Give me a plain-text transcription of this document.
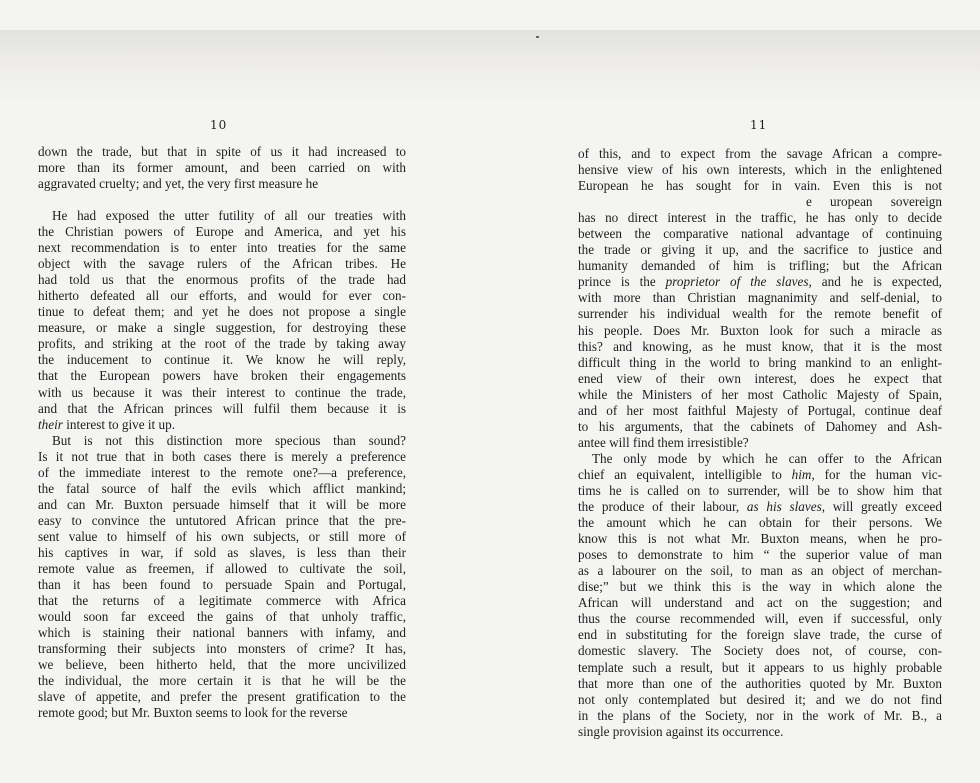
10
down the trade, but that in spite of us it had increased to
more than its former amount, and been carried on with
aggravated cruelty; and yet, the very first measure he
He had exposed the utter futility of all our treaties with
the Christian powers of Europe and America, and yet his
next recommendation is to enter into treaties for the same
object with the savage rulers of the African tribes. He
had told us that the enormous profits of the trade had
hitherto defeated all our efforts, and would for ever con-
tinue to defeat them; and yet he does not propose a single
measure, or make a single suggestion, for destroying these
profits, and striking at the root of the trade by taking away
the inducement to continue it. We know he will reply,
that the European powers have broken their engagements
with us because it was their interest to continue the trade,
and that the African princes will fulfil them because it is
their interest to give it up.
But is not this distinction more specious than sound?
Is it not true that in both cases there is merely a preference
of the immediate interest to the remote one?—a preference,
the fatal source of half the evils which afflict mankind;
and can Mr. Buxton persuade himself that it will be more
easy to convince the untutored African prince that the pre-
sent value to himself of his own subjects, or still more of
his captives in war, if sold as slaves, is less than their
remote value as freemen, if allowed to cultivate the soil,
than it has been found to persuade Spain and Portugal,
that the returns of a legitimate commerce with Africa
would soon far exceed the gains of that unholy traffic,
which is staining their national banners with infamy, and
transforming their subjects into monsters of crime? It has,
we believe, been hitherto held, that the more uncivilized
the individual, the more certain it is that he will be the
slave of appetite, and prefer the present gratification to the
remote good; but Mr. Buxton seems to look for the reverse
11
of this, and to expect from the savage African a compre-
hensive view of his own interests, which in the enlightened
European he has sought for in vain. Even this is not
e uropean sovereign
has no direct interest in the traffic, he has only to decide
between the comparative national advantage of continuing
the trade or giving it up, and the sacrifice to justice and
humanity demanded of him is trifling; but the African
prince is the proprietor of the slaves, and he is expected,
with more than Christian magnanimity and self-denial, to
surrender his individual wealth for the remote benefit of
his people. Does Mr. Buxton look for such a miracle as
this? and knowing, as he must know, that it is the most
difficult thing in the world to bring mankind to an enlight-
ened view of their own interest, does he expect that
while the Ministers of her most Catholic Majesty of Spain,
and of her most faithful Majesty of Portugal, continue deaf
to his arguments, that the cabinets of Dahomey and Ash-
antee will find them irresistible?
The only mode by which he can offer to the African
chief an equivalent, intelligible to him, for the human vic-
tims he is called on to surrender, will be to show him that
the produce of their labour, as his slaves, will greatly exceed
the amount which he can obtain for their persons. We
know this is not what Mr. Buxton means, when he pro-
poses to demonstrate to him “ the superior value of man
as a labourer on the soil, to man as an object of merchan-
dise;” but we think this is the way in which alone the
African will understand and act on the suggestion; and
thus the course recommended will, even if successful, only
end in substituting for the foreign slave trade, the curse of
domestic slavery. The Society does not, of course, con-
template such a result, but it appears to us highly probable
that more than one of the authorities quoted by Mr. Buxton
not only contemplated but desired it; and we do not find
in the plans of the Society, nor in the work of Mr. B., a
single provision against its occurrence.
